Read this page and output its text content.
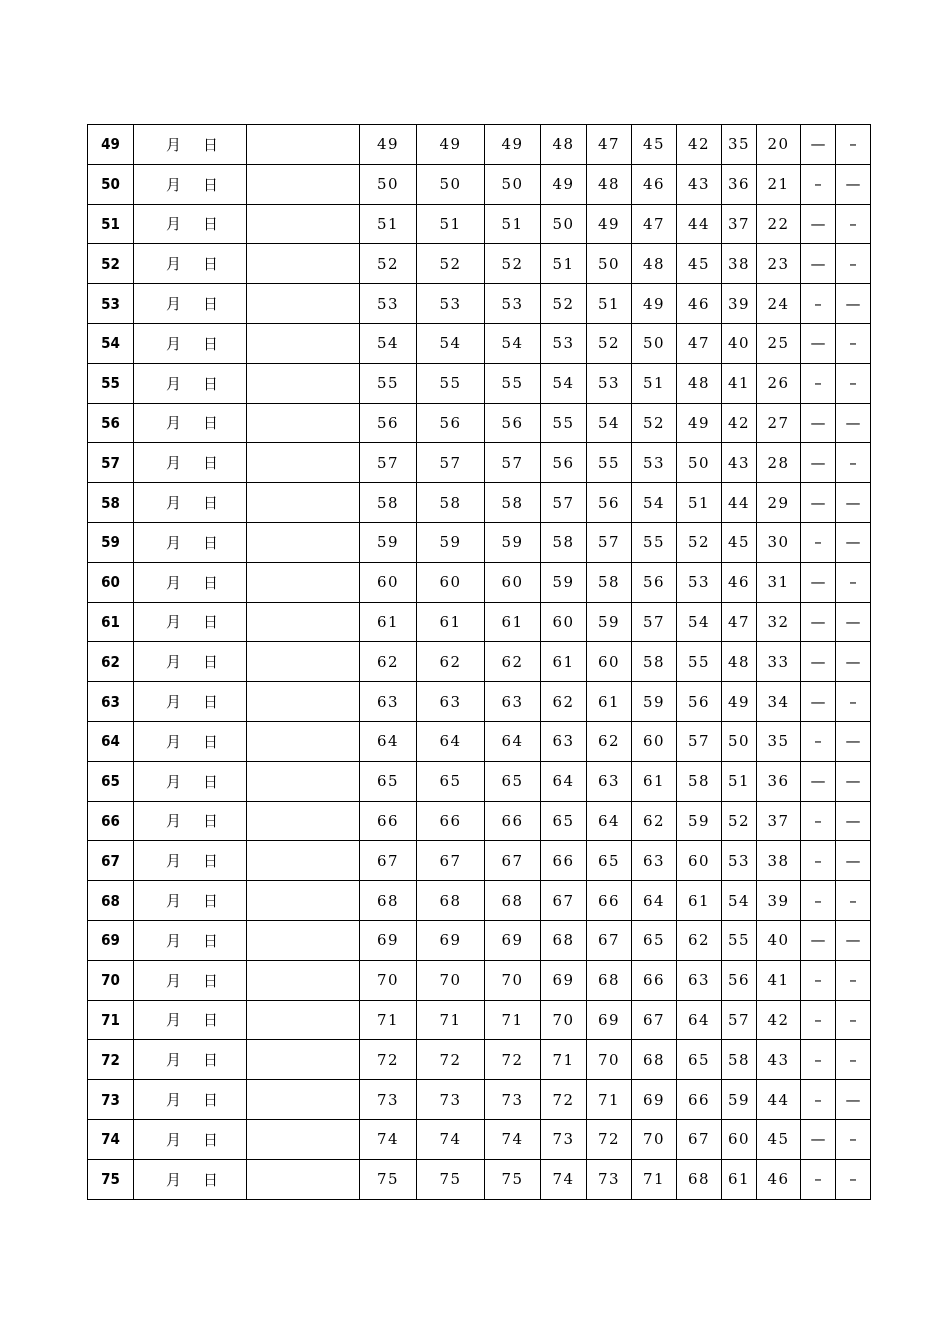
49	月 日		49	49	49	48	47	45	42	35	20	—	–
50	月 日		50	50	50	49	48	46	43	36	21	–	—
51	月 日		51	51	51	50	49	47	44	37	22	—	–
52	月 日		52	52	52	51	50	48	45	38	23	—	–
53	月 日		53	53	53	52	51	49	46	39	24	–	—
54	月 日		54	54	54	53	52	50	47	40	25	—	–
55	月 日		55	55	55	54	53	51	48	41	26	–	–
56	月 日		56	56	56	55	54	52	49	42	27	—	—
57	月 日		57	57	57	56	55	53	50	43	28	—	–
58	月 日		58	58	58	57	56	54	51	44	29	—	—
59	月 日		59	59	59	58	57	55	52	45	30	–	—
60	月 日		60	60	60	59	58	56	53	46	31	—	–
61	月 日		61	61	61	60	59	57	54	47	32	—	—
62	月 日		62	62	62	61	60	58	55	48	33	—	—
63	月 日		63	63	63	62	61	59	56	49	34	—	–
64	月 日		64	64	64	63	62	60	57	50	35	–	—
65	月 日		65	65	65	64	63	61	58	51	36	—	—
66	月 日		66	66	66	65	64	62	59	52	37	–	—
67	月 日		67	67	67	66	65	63	60	53	38	–	—
68	月 日		68	68	68	67	66	64	61	54	39	–	–
69	月 日		69	69	69	68	67	65	62	55	40	—	—
70	月 日		70	70	70	69	68	66	63	56	41	–	–
71	月 日		71	71	71	70	69	67	64	57	42	–	–
72	月 日		72	72	72	71	70	68	65	58	43	–	–
73	月 日		73	73	73	72	71	69	66	59	44	–	—
74	月 日		74	74	74	73	72	70	67	60	45	—	–
75	月 日		75	75	75	74	73	71	68	61	46	–	–
